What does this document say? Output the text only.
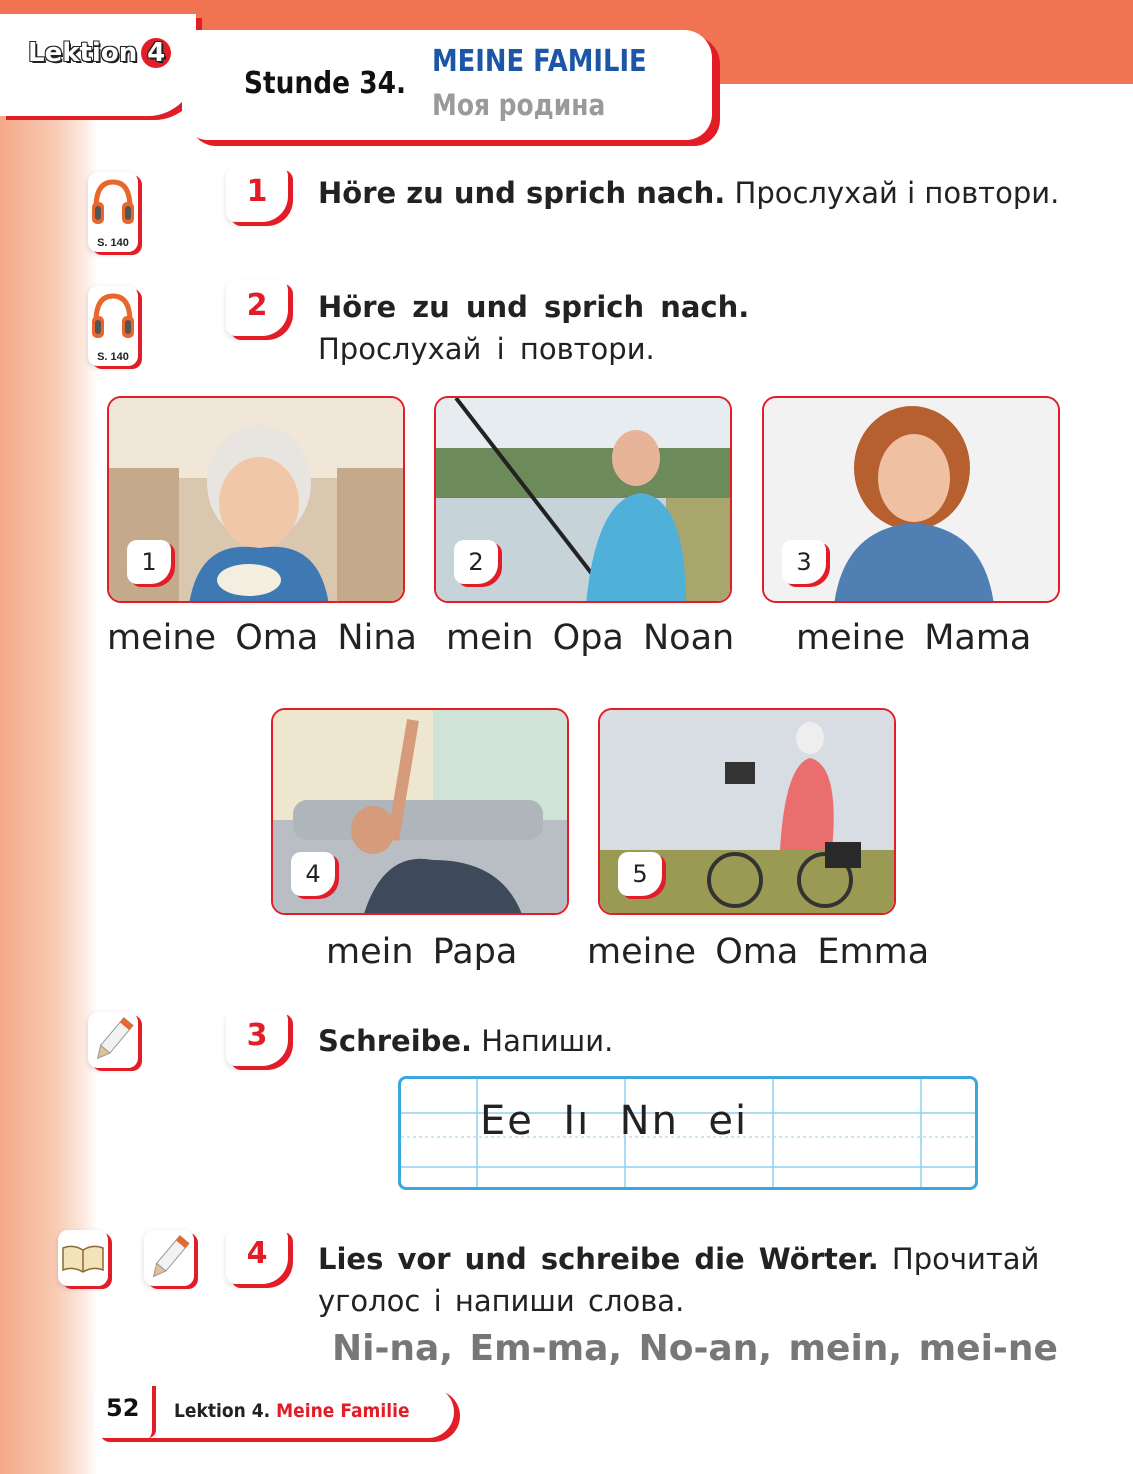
Lektion 4
Stunde 34.
MEINE FAMILIE
Моя родина
S. 140
1	Höre zu und sprich nach. Прослухай і повтори.
S. 140
2	Höre zu und sprich nach.
Прослухай і повтори.
1	2	3
meine Oma Nina mein Opa Noan meine Mama
4	5
mein Papa meine Oma Emma
3	Schreibe. Напиши.
Ee  Iı  Nn  ei
4	Lies vor und schreibe die Wörter. Прочитай
уголос і напиши слова.
Ni-na, Em-ma, No-an, mein, mei-ne
52 Lektion 4. Meine Familie
